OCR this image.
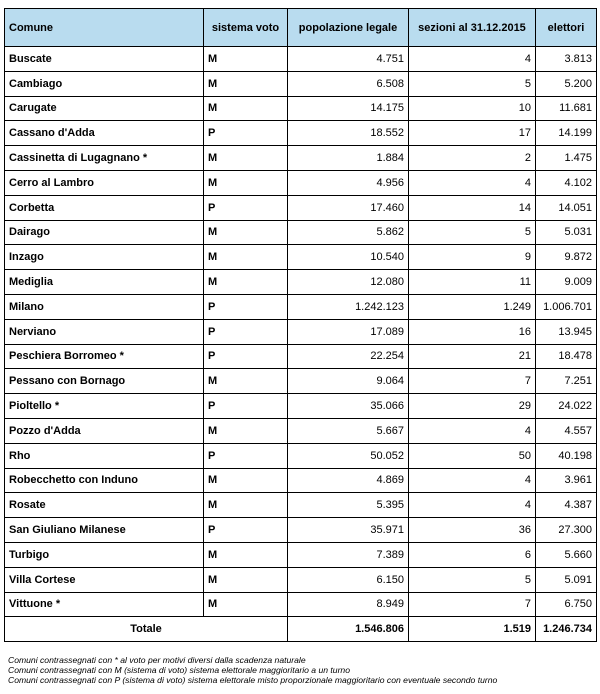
Comune	sistema voto	popolazione legale	sezioni al 31.12.2015	elettori
Buscate	M	4.751	4	3.813
Cambiago	M	6.508	5	5.200
Carugate	M	14.175	10	11.681
Cassano d'Adda	P	18.552	17	14.199
Cassinetta di Lugagnano *	M	1.884	2	1.475
Cerro al Lambro	M	4.956	4	4.102
Corbetta	P	17.460	14	14.051
Dairago	M	5.862	5	5.031
Inzago	M	10.540	9	9.872
Mediglia	M	12.080	11	9.009
Milano	P	1.242.123	1.249	1.006.701
Nerviano	P	17.089	16	13.945
Peschiera Borromeo *	P	22.254	21	18.478
Pessano con Bornago	M	9.064	7	7.251
Pioltello *	P	35.066	29	24.022
Pozzo d'Adda	M	5.667	4	4.557
Rho	P	50.052	50	40.198
Robecchetto con Induno	M	4.869	4	3.961
Rosate	M	5.395	4	4.387
San Giuliano Milanese	P	35.971	36	27.300
Turbigo	M	7.389	6	5.660
Villa Cortese	M	6.150	5	5.091
Vittuone *	M	8.949	7	6.750
Totale		1.546.806	1.519	1.246.734
Comuni contrassegnati con * al voto per motivi diversi dalla scadenza naturale
Comuni contrassegnati con M (sistema di voto) sistema elettorale maggioritario a un turno
Comuni contrassegnati con P (sistema di voto) sistema elettorale misto proporzionale maggioritario con eventuale secondo turno
